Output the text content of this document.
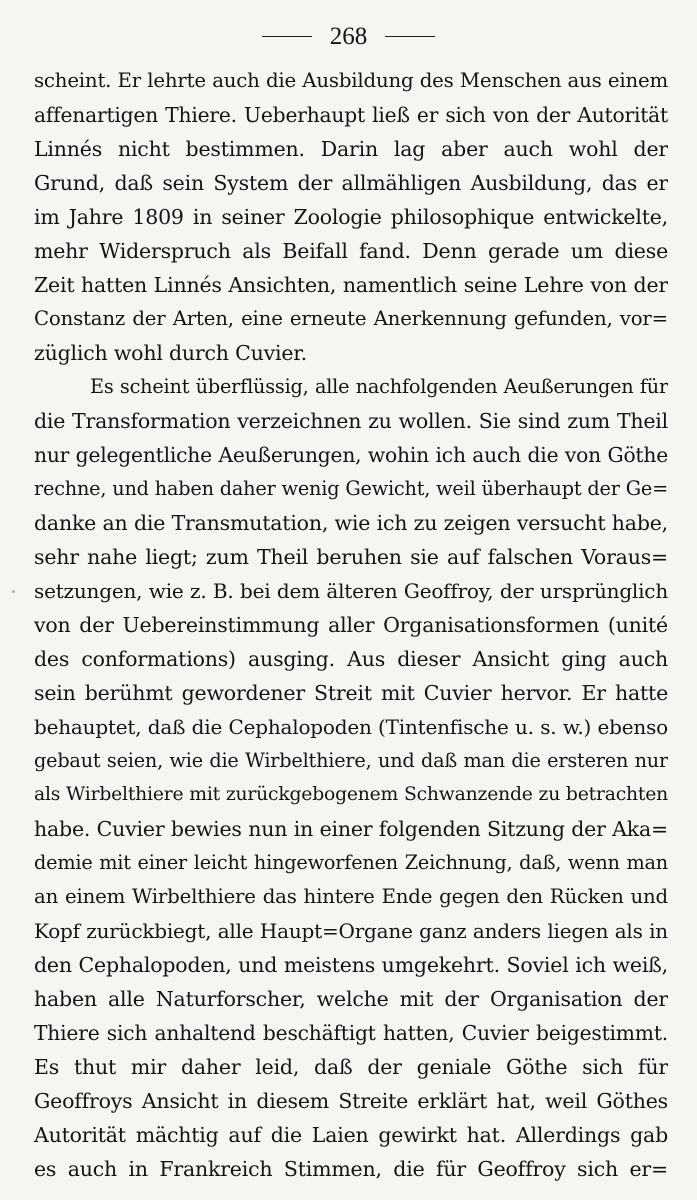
268
scheint. Er lehrte auch die Ausbildung des Menschen aus einem
affenartigen Thiere. Ueberhaupt ließ er sich von der Autorität
Linnés nicht bestimmen. Darin lag aber auch wohl der
Grund, daß sein System der allmähligen Ausbildung, das er
im Jahre 1809 in seiner Zoologie philosophique entwickelte,
mehr Widerspruch als Beifall fand. Denn gerade um diese
Zeit hatten Linnés Ansichten, namentlich seine Lehre von der
Constanz der Arten, eine erneute Anerkennung gefunden, vor=
züglich wohl durch Cuvier.
Es scheint überflüssig, alle nachfolgenden Aeußerungen für
die Transformation verzeichnen zu wollen. Sie sind zum Theil
nur gelegentliche Aeußerungen, wohin ich auch die von Göthe
rechne, und haben daher wenig Gewicht, weil überhaupt der Ge=
danke an die Transmutation, wie ich zu zeigen versucht habe,
sehr nahe liegt; zum Theil beruhen sie auf falschen Voraus=
setzungen, wie z. B. bei dem älteren Geoffroy, der ursprünglich
von der Uebereinstimmung aller Organisationsformen (unité
des conformations) ausging. Aus dieser Ansicht ging auch
sein berühmt gewordener Streit mit Cuvier hervor. Er hatte
behauptet, daß die Cephalopoden (Tintenfische u. s. w.) ebenso
gebaut seien, wie die Wirbelthiere, und daß man die ersteren nur
als Wirbelthiere mit zurückgebogenem Schwanzende zu betrachten
habe. Cuvier bewies nun in einer folgenden Sitzung der Aka=
demie mit einer leicht hingeworfenen Zeichnung, daß, wenn man
an einem Wirbelthiere das hintere Ende gegen den Rücken und
Kopf zurückbiegt, alle Haupt=Organe ganz anders liegen als in
den Cephalopoden, und meistens umgekehrt. Soviel ich weiß,
haben alle Naturforscher, welche mit der Organisation der
Thiere sich anhaltend beschäftigt hatten, Cuvier beigestimmt.
Es thut mir daher leid, daß der geniale Göthe sich für
Geoffroys Ansicht in diesem Streite erklärt hat, weil Göthes
Autorität mächtig auf die Laien gewirkt hat. Allerdings gab
es auch in Frankreich Stimmen, die für Geoffroy sich er=
